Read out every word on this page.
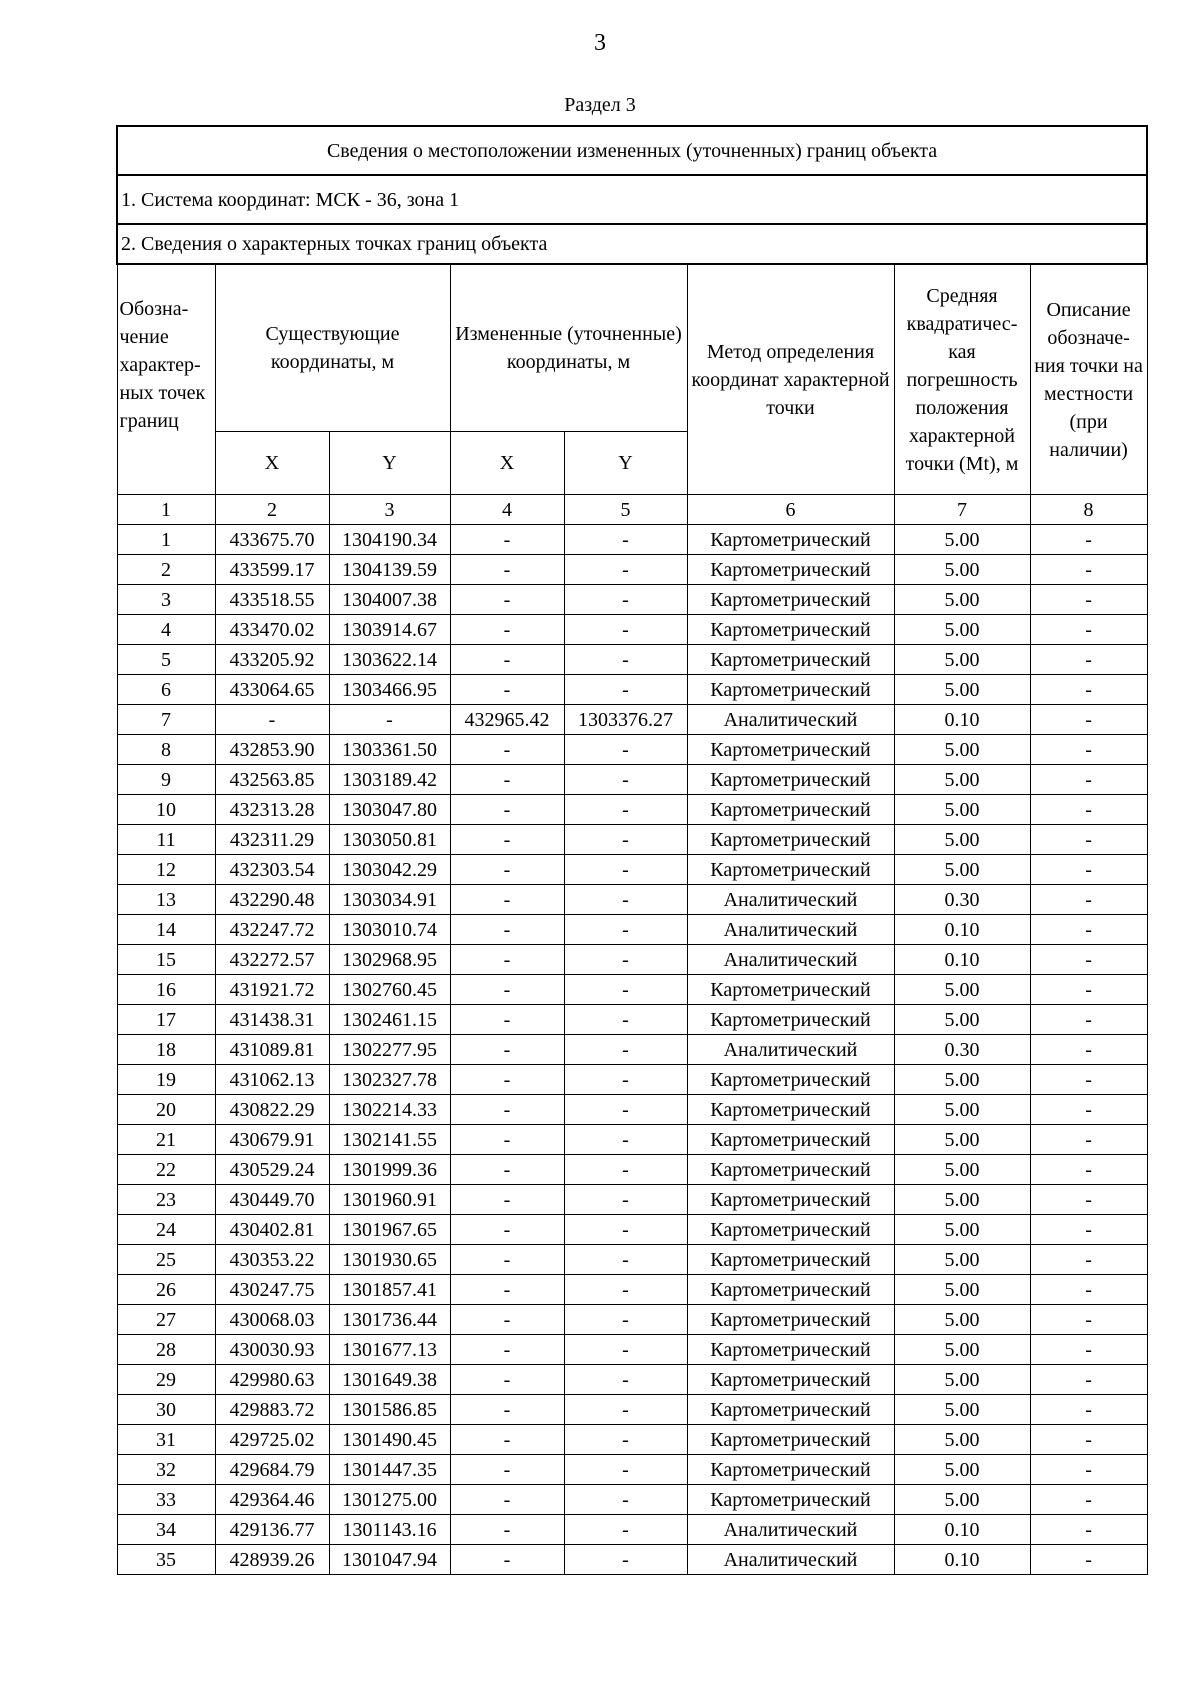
3
Раздел 3
Сведения о местоположении измененных (уточненных) границ объекта							
1. Система координат: МСК - 36, зона 1							
2. Сведения о характерных точках границ объекта							
Обозна- чение характер- ных точек границ	Существующие координаты, м		Измененные (уточненные) координаты, м		Метод определения координат характерной точки	Средняя квадратичес- кая погрешность положения характерной точки (Mt), м	Описание обозначе- ния точки на местности (при наличии)
	X	Y	X	Y			
1	2	3	4	5	6	7	8
1	433675.70	1304190.34	-	-	Картометрический	5.00	-
2	433599.17	1304139.59	-	-	Картометрический	5.00	-
3	433518.55	1304007.38	-	-	Картометрический	5.00	-
4	433470.02	1303914.67	-	-	Картометрический	5.00	-
5	433205.92	1303622.14	-	-	Картометрический	5.00	-
6	433064.65	1303466.95	-	-	Картометрический	5.00	-
7	-	-	432965.42	1303376.27	Аналитический	0.10	-
8	432853.90	1303361.50	-	-	Картометрический	5.00	-
9	432563.85	1303189.42	-	-	Картометрический	5.00	-
10	432313.28	1303047.80	-	-	Картометрический	5.00	-
11	432311.29	1303050.81	-	-	Картометрический	5.00	-
12	432303.54	1303042.29	-	-	Картометрический	5.00	-
13	432290.48	1303034.91	-	-	Аналитический	0.30	-
14	432247.72	1303010.74	-	-	Аналитический	0.10	-
15	432272.57	1302968.95	-	-	Аналитический	0.10	-
16	431921.72	1302760.45	-	-	Картометрический	5.00	-
17	431438.31	1302461.15	-	-	Картометрический	5.00	-
18	431089.81	1302277.95	-	-	Аналитический	0.30	-
19	431062.13	1302327.78	-	-	Картометрический	5.00	-
20	430822.29	1302214.33	-	-	Картометрический	5.00	-
21	430679.91	1302141.55	-	-	Картометрический	5.00	-
22	430529.24	1301999.36	-	-	Картометрический	5.00	-
23	430449.70	1301960.91	-	-	Картометрический	5.00	-
24	430402.81	1301967.65	-	-	Картометрический	5.00	-
25	430353.22	1301930.65	-	-	Картометрический	5.00	-
26	430247.75	1301857.41	-	-	Картометрический	5.00	-
27	430068.03	1301736.44	-	-	Картометрический	5.00	-
28	430030.93	1301677.13	-	-	Картометрический	5.00	-
29	429980.63	1301649.38	-	-	Картометрический	5.00	-
30	429883.72	1301586.85	-	-	Картометрический	5.00	-
31	429725.02	1301490.45	-	-	Картометрический	5.00	-
32	429684.79	1301447.35	-	-	Картометрический	5.00	-
33	429364.46	1301275.00	-	-	Картометрический	5.00	-
34	429136.77	1301143.16	-	-	Аналитический	0.10	-
35	428939.26	1301047.94	-	-	Аналитический	0.10	-
